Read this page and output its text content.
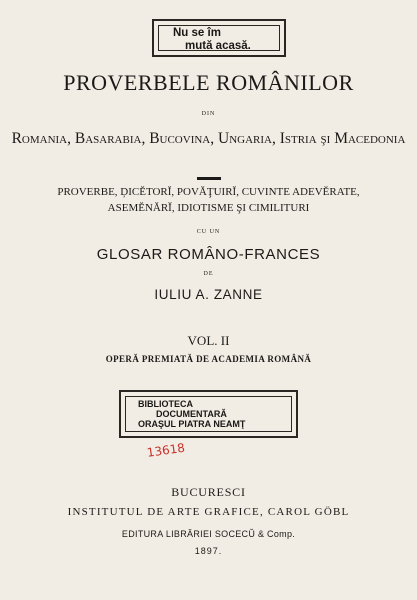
Nu se îm
mută acasă.
PROVERBELE ROMÂNILOR
DIN
Romania, Basarabia, Bucovina, Ungaria, Istria şi Macedonia
PROVERBE, ḐICĔTORĬ, POVĂŢUIRĬ, CUVINTE ADEVĔRATE,
ASEMĔNĂRĬ, IDIOTISME ŞI CIMILITURI
CU UN
GLOSAR ROMÂNO-FRANCES
DE
IULIU A. ZANNE
VOL. II
OPERĂ PREMIATĂ DE ACADEMIA ROMÂNĂ
BIBLIOTECA
DOCUMENTARĂ
ORAŞUL PIATRA NEAMŢ
13618
BUCURESCI
INSTITUTUL DE ARTE GRAFICE, CAROL GÖBL
EDITURA LIBRĂRIEI SOCECŬ & Comp.
1897.
